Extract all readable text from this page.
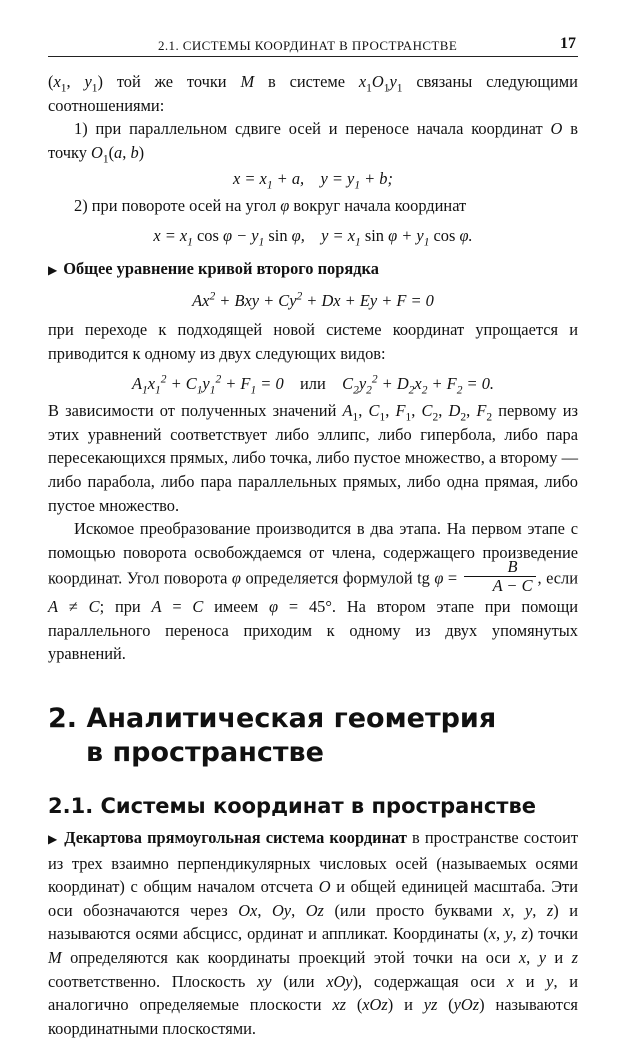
2.1. СИСТЕМЫ КООРДИНАТ В ПРОСТРАНСТВЕ	17

($x_1$, $y_1$) той же точки M в системе $x_1O_1y_1$ связаны следующими соотношениями:

1) при параллельном сдвиге осей и переносе начала координат O в точку $O_1(a$, b)

$x = x_1 + a$,    $y = y_1 + b$;

2) при повороте осей на угол φ вокруг начала координат

$x = x_1$ $\cos \varphi - y_1$ sin φ,    $y = x_1$ $\sin \varphi + y_1$ cos φ.

▶ Общее уравнение кривой второго порядка

$Ax^2$ + Bxy + $Cy^2 + Dx + Ey + F = 0$

при переходе к подходящей новой системе координат упрощается и приводится к одному из двух следующих видов:

$A_1x_1^2 + C_1y_1^2 + F_1 = 0$    или    $C_2y_2^2 + D_2x_2 + F_2 = 0$.

В зависимости от полученных значений $A_1$, $C_1$, $F_1$, $C_2$, $D_2$, $F_2$ первому из этих уравнений соответствует либо эллипс, либо гипербола, либо пара пересекающихся прямых, либо точка, либо пустое множество, а второму — либо парабола, либо пара параллельных прямых, либо одна прямая, либо пустое множество.

Искомое преобразование производится в два этапа. На первом этапе с помощью поворота освобождаемся от члена, содержащего произведение координат. Угол поворота φ определяется формулой tg $\varphi = \frac{B}{A - C}$ , если A ≠ C; при A = C имеем φ = 45°. На втором этапе при помощи параллельного переноса приходим к одному из двух упомянутых уравнений.

2. Аналитическая геометрия
в пространстве
2.1. Системы координат в пространстве

▶ Декартова прямоугольная система координат в пространстве состоит из трех взаимно перпендикулярных числовых осей (называемых осями координат) с общим началом отсчета O и общей единицей масштаба. Эти оси обозначаются через Ox, Oy, Oz (или просто буквами x, y, z) и называются осями абсцисс, ординат и аппликат. Координаты (x, y, z) точки M определяются как координаты проекций этой точки на оси x, y и z соответственно. Плоскость xy (или xOy), содержащая оси x и y, и аналогично определяемые плоскости xz (xOz) и yz (yOz) называются координатными плоскостями.
